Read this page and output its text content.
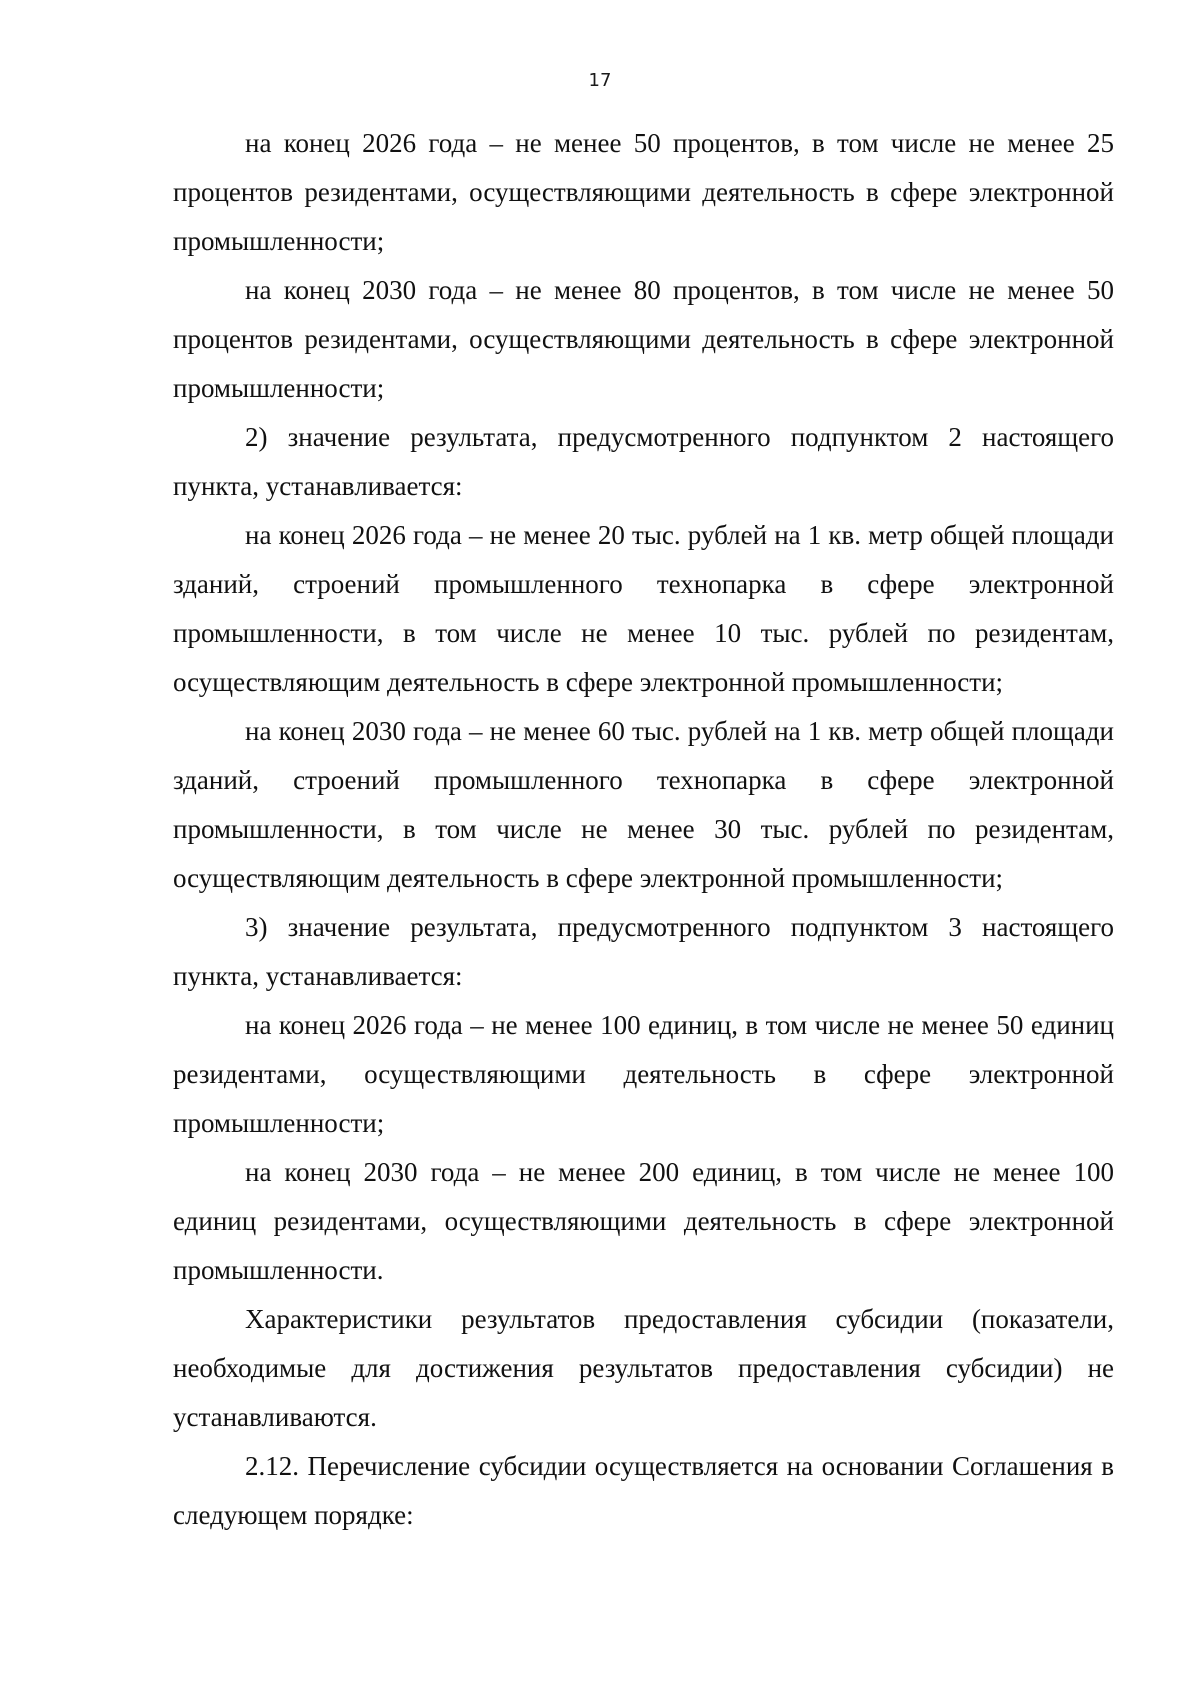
17

на конец 2026 года – не менее 50 процентов, в том числе не менее 25 процентов резидентами, осуществляющими деятельность в сфере электронной промышленности;

на конец 2030 года – не менее 80 процентов, в том числе не менее 50 процентов резидентами, осуществляющими деятельность в сфере электронной промышленности;

2) значение результата, предусмотренного подпунктом 2 настоящего пункта, устанавливается:

на конец 2026 года – не менее 20 тыс. рублей на 1 кв. метр общей площади зданий, строений промышленного технопарка в сфере электронной промышленности, в том числе не менее 10 тыс. рублей по резидентам, осуществляющим деятельность в сфере электронной промышленности;

на конец 2030 года – не менее 60 тыс. рублей на 1 кв. метр общей площади зданий, строений промышленного технопарка в сфере электронной промышленности, в том числе не менее 30 тыс. рублей по резидентам, осуществляющим деятельность в сфере электронной промышленности;

3) значение результата, предусмотренного подпунктом 3 настоящего пункта, устанавливается:

на конец 2026 года – не менее 100 единиц, в том числе не менее 50 единиц резидентами, осуществляющими деятельность в сфере электронной промышленности;

на конец 2030 года – не менее 200 единиц, в том числе не менее 100 единиц резидентами, осуществляющими деятельность в сфере электронной промышленности.

Характеристики результатов предоставления субсидии (показатели, необходимые для достижения результатов предоставления субсидии) не устанавливаются.

2.12. Перечисление субсидии осуществляется на основании Соглашения в следующем порядке:
